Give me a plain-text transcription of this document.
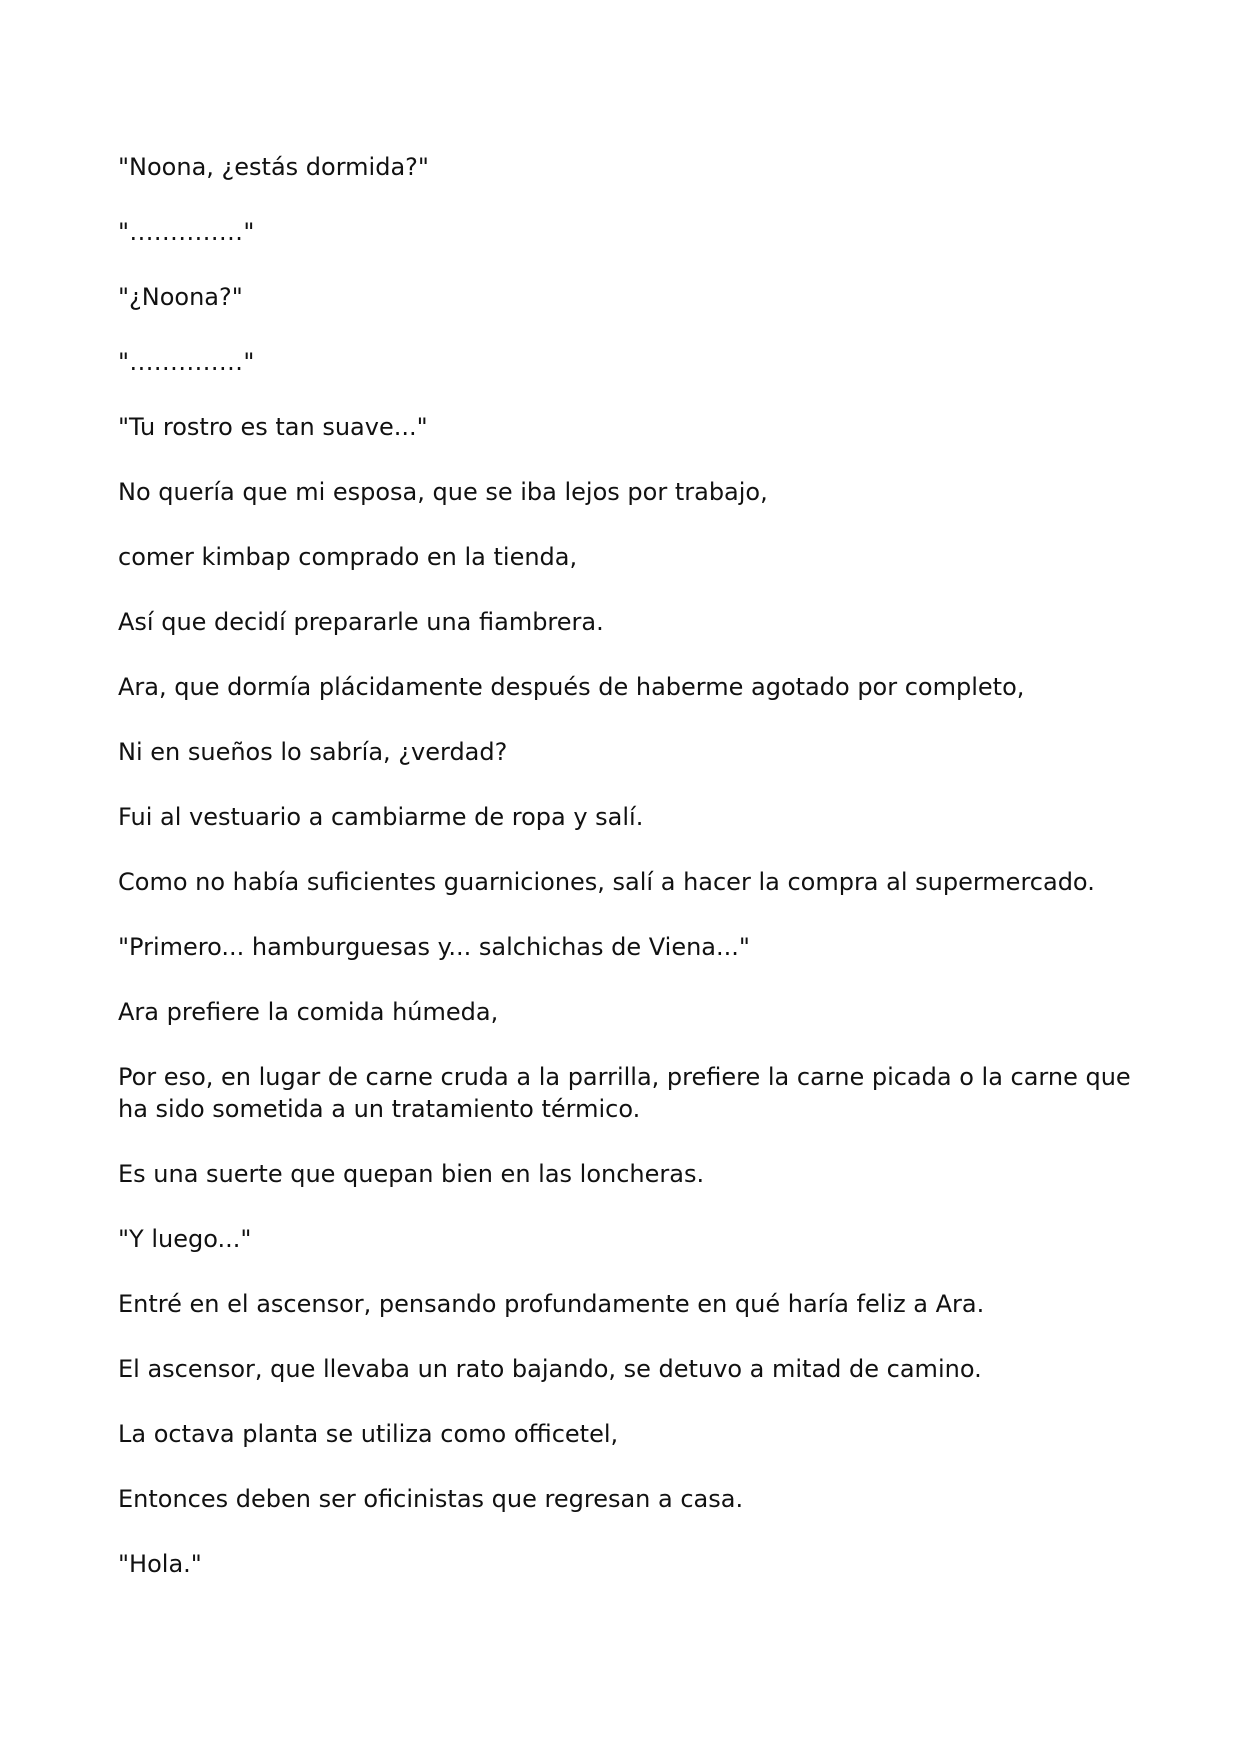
"Noona, ¿estás dormida?"

".............."

"¿Noona?"

".............."

"Tu rostro es tan suave..."

No quería que mi esposa, que se iba lejos por trabajo,

comer kimbap comprado en la tienda,

Así que decidí prepararle una fiambrera.

Ara, que dormía plácidamente después de haberme agotado por completo,

Ni en sueños lo sabría, ¿verdad?

Fui al vestuario a cambiarme de ropa y salí.

Como no había suficientes guarniciones, salí a hacer la compra al supermercado.

"Primero... hamburguesas y... salchichas de Viena..."

Ara prefiere la comida húmeda,

Por eso, en lugar de carne cruda a la parrilla, prefiere la carne picada o la carne que ha sido sometida a un tratamiento térmico.

Es una suerte que quepan bien en las loncheras.

"Y luego..."

Entré en el ascensor, pensando profundamente en qué haría feliz a Ara.

El ascensor, que llevaba un rato bajando, se detuvo a mitad de camino.

La octava planta se utiliza como officetel,

Entonces deben ser oficinistas que regresan a casa.

"Hola."
